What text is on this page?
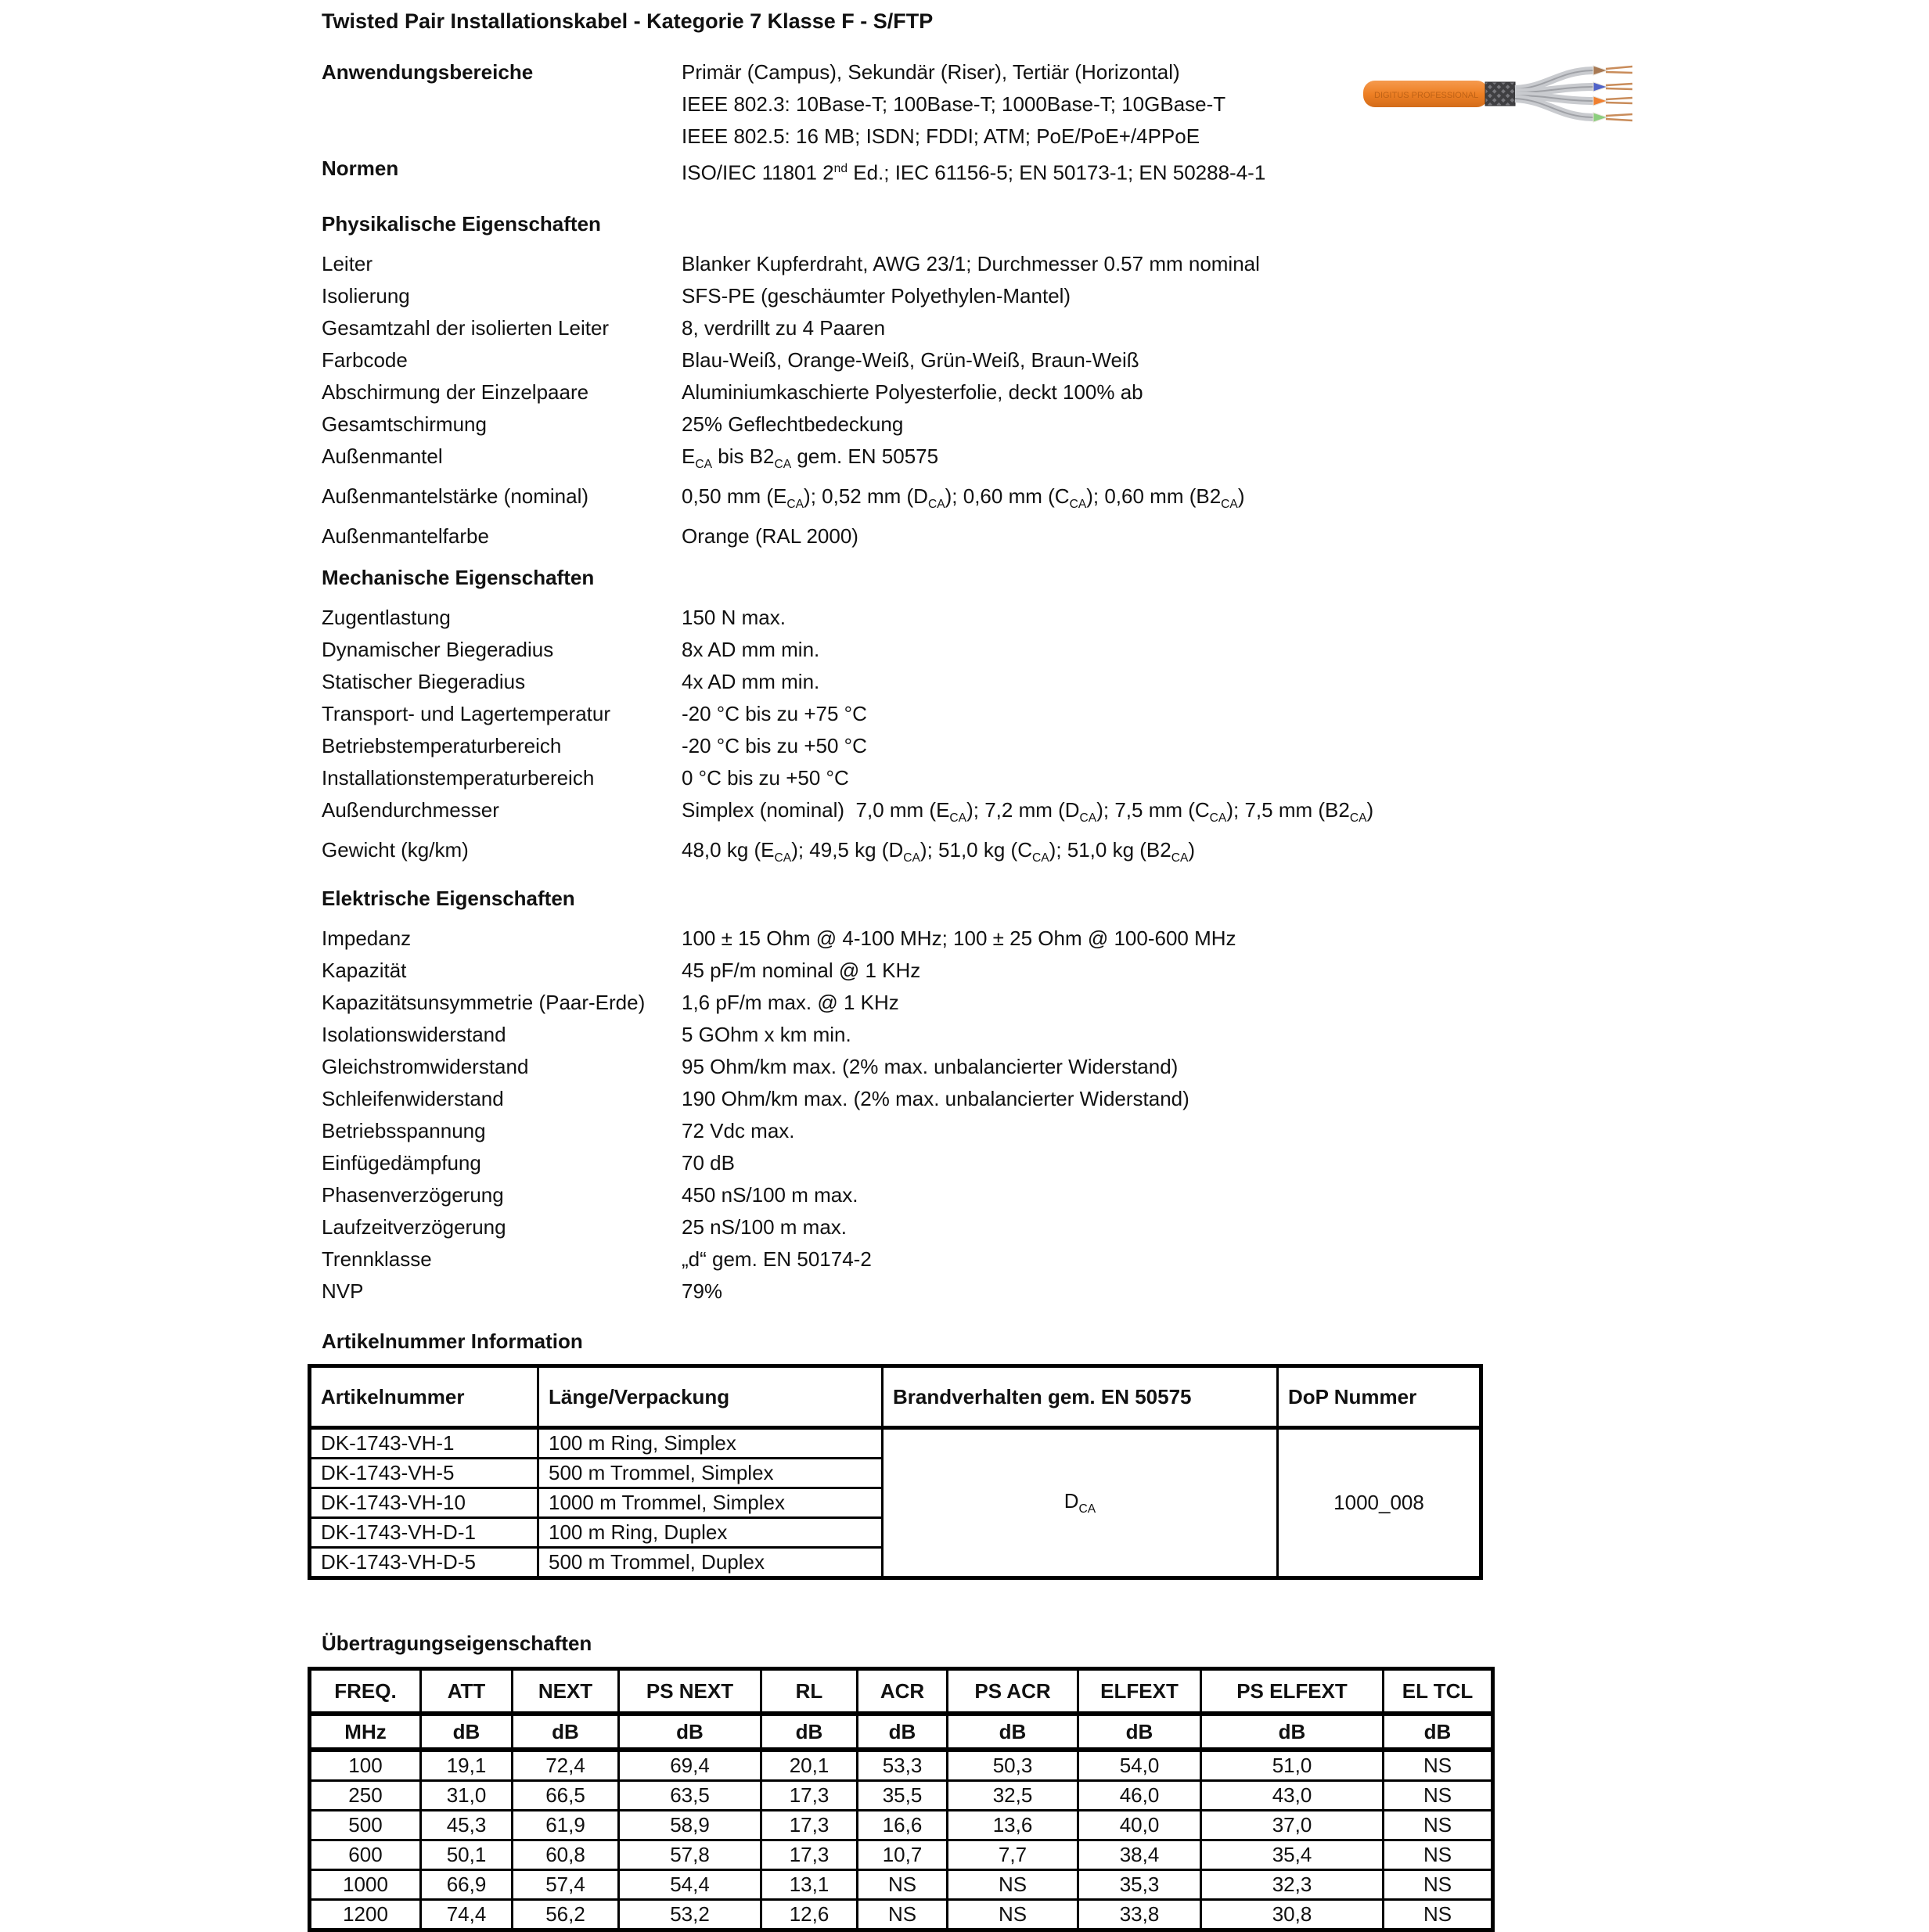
Twisted Pair Installationskabel - Kategorie 7 Klasse F - S/FTP
DIGITUS PROFESSIONAL
Anwendungsbereiche	Primär (Campus), Sekundär (Riser), Tertiär (Horizontal)
IEEE 802.3: 10Base-T; 100Base-T; 1000Base-T; 10GBase-T
IEEE 802.5: 16 MB; ISDN; FDDI; ATM; PoE/PoE+/4PPoE
Normen	ISO/IEC 11801 2nd Ed.; IEC 61156-5; EN 50173-1; EN 50288-4-1
Physikalische Eigenschaften
Leiter	Blanker Kupferdraht, AWG 23/1; Durchmesser 0.57 mm nominal
Isolierung	SFS-PE (geschäumter Polyethylen-Mantel)
Gesamtzahl der isolierten Leiter	8, verdrillt zu 4 Paaren
Farbcode	Blau-Weiß, Orange-Weiß, Grün-Weiß, Braun-Weiß
Abschirmung der Einzelpaare	Aluminiumkaschierte Polyesterfolie, deckt 100% ab
Gesamtschirmung	25% Geflechtbedeckung
Außenmantel	$E_{CA}$ bis $B2_{CA}$ gem. EN 50575
Außenmantelstärke (nominal)	0,50 mm $(E_{CA})$; 0,52 mm $(D_{CA})$; 0,60 mm $(C_{CA})$; 0,60 mm $(B2_{CA})$
Außenmantelfarbe	Orange (RAL 2000)
Mechanische Eigenschaften
Zugentlastung	150 N max.
Dynamischer Biegeradius	8x AD mm min.
Statischer Biegeradius	4x AD mm min.
Transport- und Lagertemperatur	-20 °C bis zu +75 °C
Betriebstemperaturbereich	-20 °C bis zu +50 °C
Installationstemperaturbereich	0 °C bis zu +50 °C
Außendurchmesser	Simplex (nominal)  7,0 mm $(E_{CA})$; 7,2 mm $(D_{CA})$; 7,5 mm $(C_{CA})$; 7,5 mm $(B2_{CA})$
Gewicht (kg/km)	48,0 kg $(E_{CA})$; 49,5 kg $(D_{CA})$; 51,0 kg $(C_{CA})$; 51,0 kg $(B2_{CA})$
Elektrische Eigenschaften
Impedanz	100 ± 15 Ohm @ 4-100 MHz; 100 ± 25 Ohm @ 100-600 MHz
Kapazität	45 pF/m nominal @ 1 KHz
Kapazitätsunsymmetrie (Paar-Erde)	1,6 pF/m max. @ 1 KHz
Isolationswiderstand	5 GOhm x km min.
Gleichstromwiderstand	95 Ohm/km max. (2% max. unbalancierter Widerstand)
Schleifenwiderstand	190 Ohm/km max. (2% max. unbalancierter Widerstand)
Betriebsspannung	72 Vdc max.
Einfügedämpfung	70 dB
Phasenverzögerung	450 nS/100 m max.
Laufzeitverzögerung	25 nS/100 m max.
Trennklasse	„d“ gem. EN 50174-2
NVP	79%
Artikelnummer Information
Artikelnummer	Länge/Verpackung	Brandverhalten gem. EN 50575	DoP Nummer
DK-1743-VH-1	100 m Ring, Simplex	$D_{CA}$	1000_008
DK-1743-VH-5	500 m Trommel, Simplex		
DK-1743-VH-10	1000 m Trommel, Simplex		
DK-1743-VH-D-1	100 m Ring, Duplex		
DK-1743-VH-D-5	500 m Trommel, Duplex		
Übertragungseigenschaften
FREQ.	ATT	NEXT	PS NEXT	RL	ACR	PS ACR	ELFEXT	PS ELFEXT	EL TCL
MHz	dB	dB	dB	dB	dB	dB	dB	dB	dB
100	19,1	72,4	69,4	20,1	53,3	50,3	54,0	51,0	NS
250	31,0	66,5	63,5	17,3	35,5	32,5	46,0	43,0	NS
500	45,3	61,9	58,9	17,3	16,6	13,6	40,0	37,0	NS
600	50,1	60,8	57,8	17,3	10,7	7,7	38,4	35,4	NS
1000	66,9	57,4	54,4	13,1	NS	NS	35,3	32,3	NS
1200	74,4	56,2	53,2	12,6	NS	NS	33,8	30,8	NS
